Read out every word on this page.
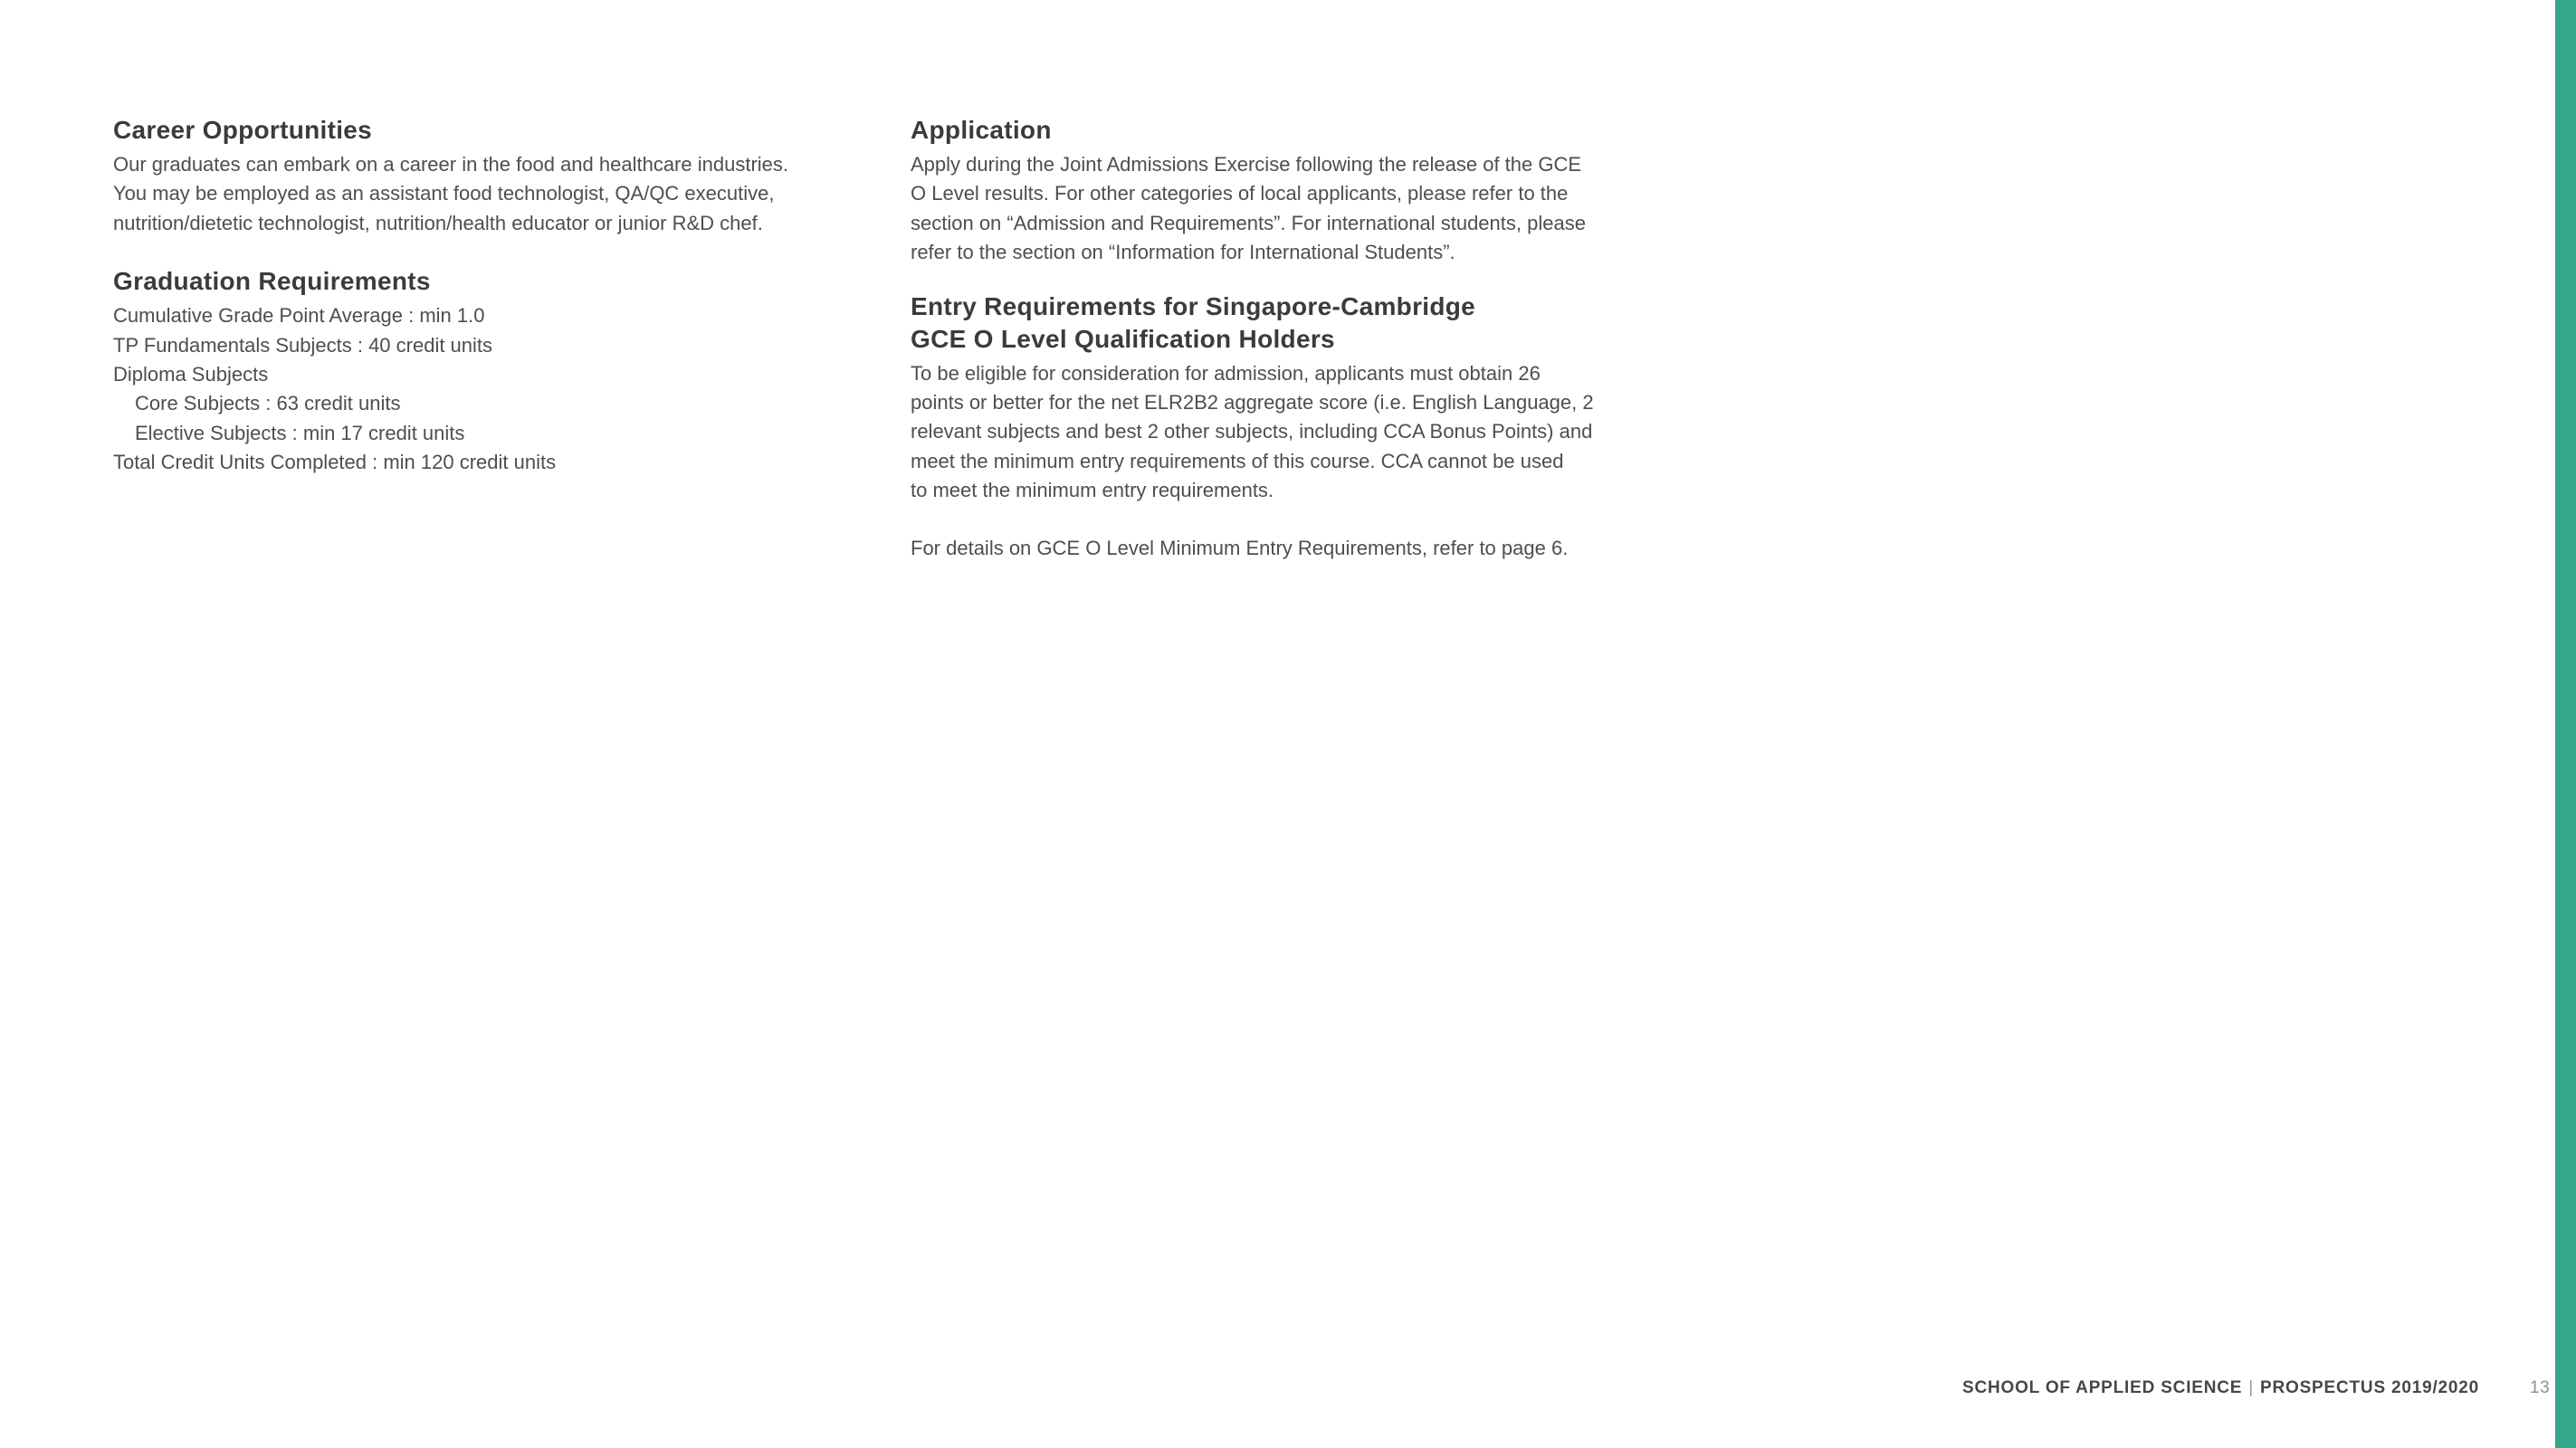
Career Opportunities
Our graduates can embark on a career in the food and healthcare industries.
You may be employed as an assistant food technologist, QA/QC executive,
nutrition/dietetic technologist, nutrition/health educator or junior R&D chef.
Graduation Requirements
Cumulative Grade Point Average : min 1.0
TP Fundamentals Subjects : 40 credit units
Diploma Subjects
Core Subjects : 63 credit units
Elective Subjects : min 17 credit units
Total Credit Units Completed : min 120 credit units
Application
Apply during the Joint Admissions Exercise following the release of the GCE
O Level results. For other categories of local applicants, please refer to the
section on “Admission and Requirements”. For international students, please
refer to the section on “Information for International Students”.
Entry Requirements for Singapore-Cambridge
GCE O Level Qualification Holders
To be eligible for consideration for admission, applicants must obtain 26
points or better for the net ELR2B2 aggregate score (i.e. English Language, 2
relevant subjects and best 2 other subjects, including CCA Bonus Points) and
meet the minimum entry requirements of this course. CCA cannot be used
to meet the minimum entry requirements.
For details on GCE O Level Minimum Entry Requirements, refer to page 6.
SCHOOL OF APPLIED SCIENCE | PROSPECTUS 2019/2020	13
